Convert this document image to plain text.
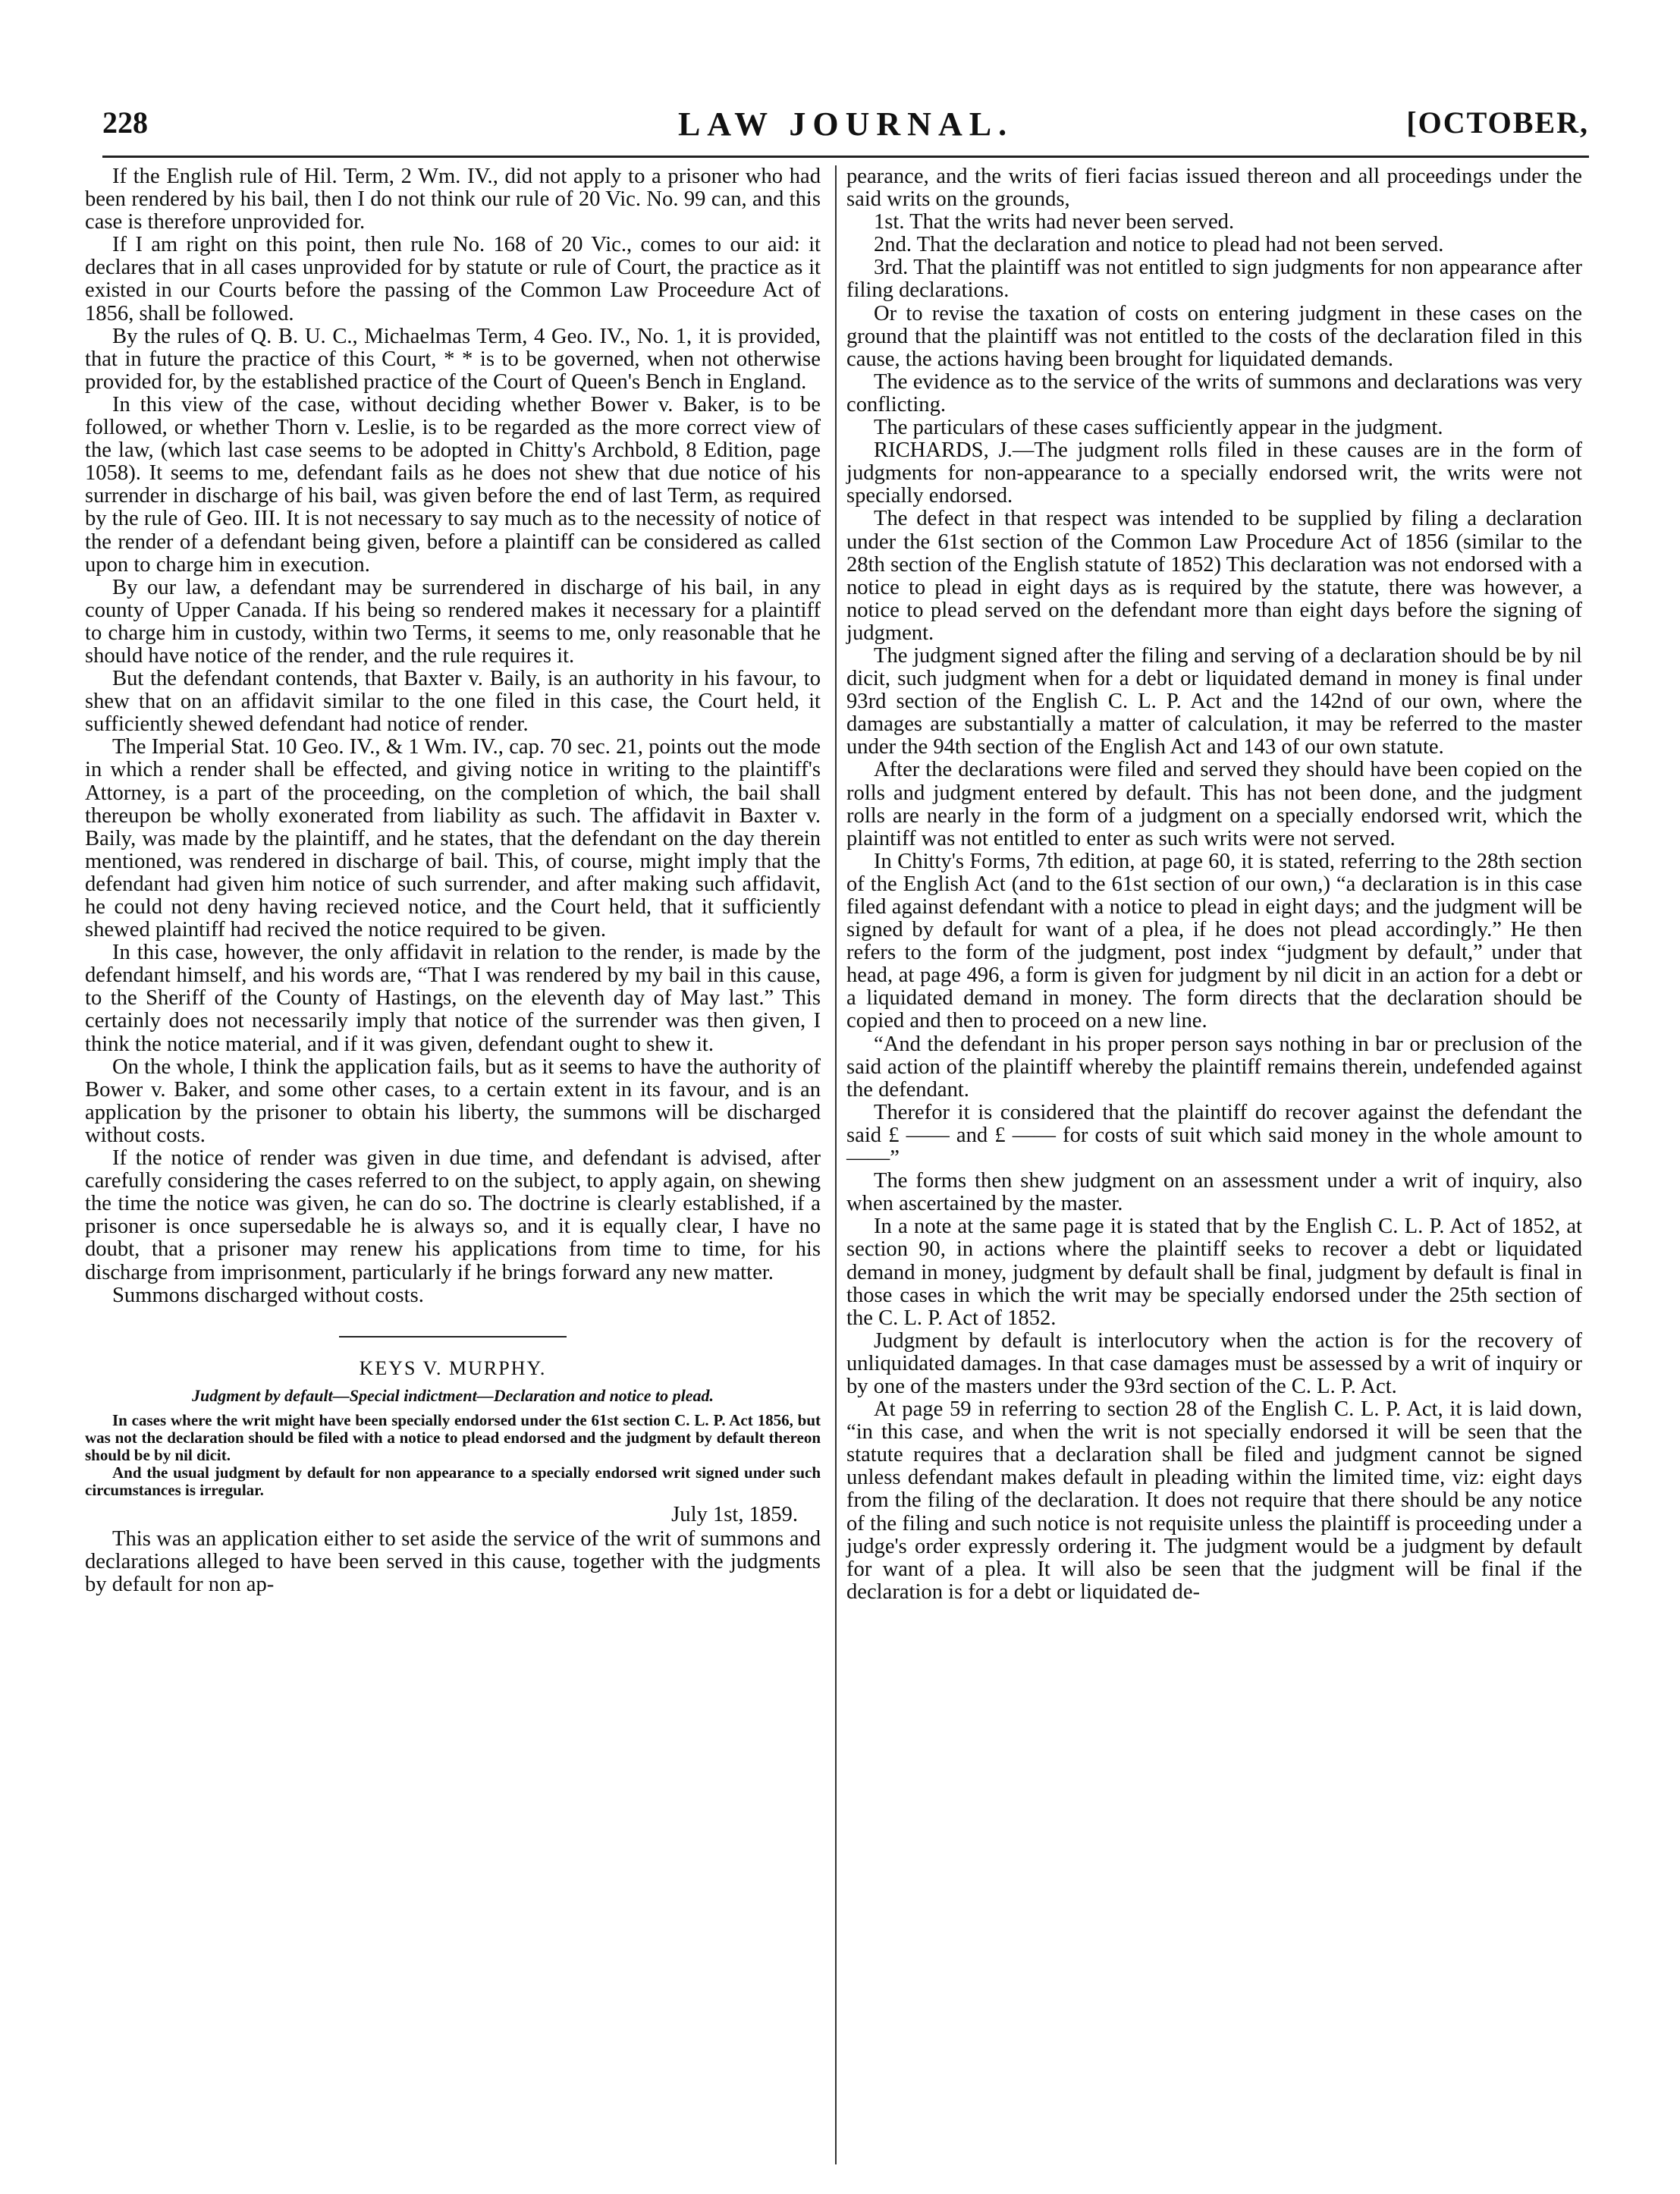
228	LAW JOURNAL.	[OCTOBER,

If the English rule of Hil. Term, 2 Wm. IV., did not apply to a prisoner who had been rendered by his bail, then I do not think our rule of 20 Vic. No. 99 can, and this case is therefore unprovided for.

If I am right on this point, then rule No. 168 of 20 Vic., comes to our aid: it declares that in all cases unprovided for by statute or rule of Court, the practice as it existed in our Courts before the passing of the Common Law Proceedure Act of 1856, shall be followed.

By the rules of Q. B. U. C., Michaelmas Term, 4 Geo. IV., No. 1, it is provided, that in future the practice of this Court, * * is to be governed, when not otherwise provided for, by the established practice of the Court of Queen's Bench in England.

In this view of the case, without deciding whether Bower v. Baker, is to be followed, or whether Thorn v. Leslie, is to be regarded as the more correct view of the law, (which last case seems to be adopted in Chitty's Archbold, 8 Edition, page 1058). It seems to me, defendant fails as he does not shew that due notice of his surrender in discharge of his bail, was given before the end of last Term, as required by the rule of Geo. III. It is not necessary to say much as to the necessity of notice of the render of a defendant being given, before a plaintiff can be considered as called upon to charge him in execution.

By our law, a defendant may be surrendered in discharge of his bail, in any county of Upper Canada. If his being so rendered makes it necessary for a plaintiff to charge him in custody, within two Terms, it seems to me, only reasonable that he should have notice of the render, and the rule requires it.

But the defendant contends, that Baxter v. Baily, is an authority in his favour, to shew that on an affidavit similar to the one filed in this case, the Court held, it sufficiently shewed defendant had notice of render.

The Imperial Stat. 10 Geo. IV., & 1 Wm. IV., cap. 70 sec. 21, points out the mode in which a render shall be effected, and giving notice in writing to the plaintiff's Attorney, is a part of the proceeding, on the completion of which, the bail shall thereupon be wholly exonerated from liability as such. The affidavit in Baxter v. Baily, was made by the plaintiff, and he states, that the defendant on the day therein mentioned, was rendered in discharge of bail. This, of course, might imply that the defendant had given him notice of such surrender, and after making such affidavit, he could not deny having recieved notice, and the Court held, that it sufficiently shewed plaintiff had recived the notice required to be given.

In this case, however, the only affidavit in relation to the render, is made by the defendant himself, and his words are, “That I was rendered by my bail in this cause, to the Sheriff of the County of Hastings, on the eleventh day of May last.” This certainly does not necessarily imply that notice of the surrender was then given, I think the notice material, and if it was given, defendant ought to shew it.

On the whole, I think the application fails, but as it seems to have the authority of Bower v. Baker, and some other cases, to a certain extent in its favour, and is an application by the prisoner to obtain his liberty, the summons will be discharged without costs.

If the notice of render was given in due time, and defendant is advised, after carefully considering the cases referred to on the subject, to apply again, on shewing the time the notice was given, he can do so. The doctrine is clearly established, if a prisoner is once supersedable he is always so, and it is equally clear, I have no doubt, that a prisoner may renew his applications from time to time, for his discharge from imprisonment, particularly if he brings forward any new matter.

Summons discharged without costs.

KEYS V. MURPHY.
Judgment by default—Special indictment—Declaration and notice to plead.

In cases where the writ might have been specially endorsed under the 61st section C. L. P. Act 1856, but was not the declaration should be filed with a notice to plead endorsed and the judgment by default thereon should be by nil dicit.

And the usual judgment by default for non appearance to a specially endorsed writ signed under such circumstances is irregular.

July 1st, 1859.

This was an application either to set aside the service of the writ of summons and declarations alleged to have been served in this cause, together with the judgments by default for non ap-

pearance, and the writs of fieri facias issued thereon and all proceedings under the said writs on the grounds,

1st. That the writs had never been served.

2nd. That the declaration and notice to plead had not been served.

3rd. That the plaintiff was not entitled to sign judgments for non appearance after filing declarations.

Or to revise the taxation of costs on entering judgment in these cases on the ground that the plaintiff was not entitled to the costs of the declaration filed in this cause, the actions having been brought for liquidated demands.

The evidence as to the service of the writs of summons and declarations was very conflicting.

The particulars of these cases sufficiently appear in the judgment.

RICHARDS, J.—The judgment rolls filed in these causes are in the form of judgments for non-appearance to a specially endorsed writ, the writs were not specially endorsed.

The defect in that respect was intended to be supplied by filing a declaration under the 61st section of the Common Law Procedure Act of 1856 (similar to the 28th section of the English statute of 1852) This declaration was not endorsed with a notice to plead in eight days as is required by the statute, there was however, a notice to plead served on the defendant more than eight days before the signing of judgment.

The judgment signed after the filing and serving of a declaration should be by nil dicit, such judgment when for a debt or liquidated demand in money is final under 93rd section of the English C. L. P. Act and the 142nd of our own, where the damages are substantially a matter of calculation, it may be referred to the master under the 94th section of the English Act and 143 of our own statute.

After the declarations were filed and served they should have been copied on the rolls and judgment entered by default. This has not been done, and the judgment rolls are nearly in the form of a judgment on a specially endorsed writ, which the plaintiff was not entitled to enter as such writs were not served.

In Chitty's Forms, 7th edition, at page 60, it is stated, referring to the 28th section of the English Act (and to the 61st section of our own,) “a declaration is in this case filed against defendant with a notice to plead in eight days; and the judgment will be signed by default for want of a plea, if he does not plead accordingly.” He then refers to the form of the judgment, post index “judgment by default,” under that head, at page 496, a form is given for judgment by nil dicit in an action for a debt or a liquidated demand in money. The form directs that the declaration should be copied and then to proceed on a new line.

“And the defendant in his proper person says nothing in bar or preclusion of the said action of the plaintiff whereby the plaintiff remains therein, undefended against the defendant.

Therefor it is considered that the plaintiff do recover against the defendant the said £ —— and £ —— for costs of suit which said money in the whole amount to ——”

The forms then shew judgment on an assessment under a writ of inquiry, also when ascertained by the master.

In a note at the same page it is stated that by the English C. L. P. Act of 1852, at section 90, in actions where the plaintiff seeks to recover a debt or liquidated demand in money, judgment by default shall be final, judgment by default is final in those cases in which the writ may be specially endorsed under the 25th section of the C. L. P. Act of 1852.

Judgment by default is interlocutory when the action is for the recovery of unliquidated damages. In that case damages must be assessed by a writ of inquiry or by one of the masters under the 93rd section of the C. L. P. Act.

At page 59 in referring to section 28 of the English C. L. P. Act, it is laid down, “in this case, and when the writ is not specially endorsed it will be seen that the statute requires that a declaration shall be filed and judgment cannot be signed unless defendant makes default in pleading within the limited time, viz: eight days from the filing of the declaration. It does not require that there should be any notice of the filing and such notice is not requisite unless the plaintiff is proceeding under a judge's order expressly ordering it. The judgment would be a judgment by default for want of a plea. It will also be seen that the judgment will be final if the declaration is for a debt or liquidated de-
